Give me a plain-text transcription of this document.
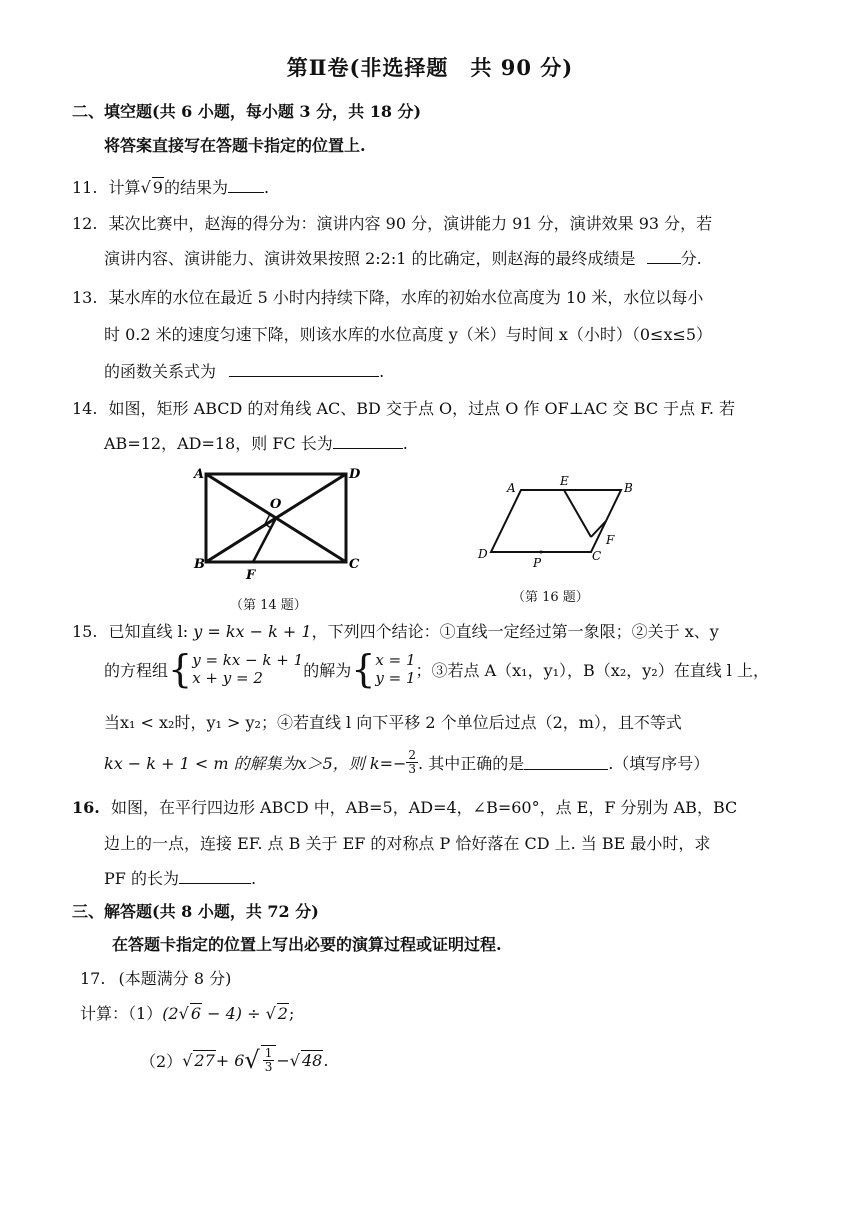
第Ⅱ卷(非选择题　共 90 分)
二、填空题(共 6 小题，每小题 3 分，共 18 分)
将答案直接写在答题卡指定的位置上.
11. 计算√ 9的结果为 .
12. 某次比赛中，赵海的得分为：演讲内容 90 分，演讲能力 91 分，演讲效果 93 分，若
演讲内容、演讲能力、演讲效果按照 2:2:1 的比确定，则赵海的最终成绩是	分.
13. 某水库的水位在最近 5 小时内持续下降，水库的初始水位高度为 10 米，水位以每小
时 0.2 米的速度匀速下降，则该水库的水位高度 y（米）与时间 x（小时）（0≤x≤5）
的函数关系式为	.
14. 如图，矩形 ABCD 的对角线 AC、BD 交于点 O，过点 O 作 OF⊥AC 交 BC 于点 F. 若
AB=12，AD=18，则 FC 长为	.
A	D
B	C
O
F
（第 14 题）
A	E	B
D
P	C
F
（第 16 题）
15. 已知直线 l: y = kx − k + 1，下列四个结论：①直线一定经过第一象限；②关于 x、y
的方程组 { y = kx − k + 1
x + y = 2	的解为 { x = 1
y = 1 ；③若点 A（x₁，y₁），B（x₂，y₂）在直线 l 上，
当x₁ < x₂时，y₁ > y₂；④若直线 l 向下平移 2 个单位后过点（2，m），且不等式
kx − k + 1 < m 的解集为x＞5，则 $k=- \frac{2}{3}$ . 其中正确的是	.（填写序号）
16. 如图，在平行四边形 ABCD 中，AB=5，AD=4，∠B=60°，点 E，F 分别为 AB，BC
边上的一点，连接 EF. 点 B 关于 EF 的对称点 P 恰好落在 CD 上. 当 BE 最小时，求
PF 的长为	.
三、解答题(共 8 小题，共 72 分)
在答题卡指定的位置上写出必要的演算过程或证明过程.
17. (本题满分 8 分)
计算：（1）(2√ 6 − 4) ÷ √ 2;
（2） √ 27 + 6 √ $\frac{1}{3}$ − √ 48 .
